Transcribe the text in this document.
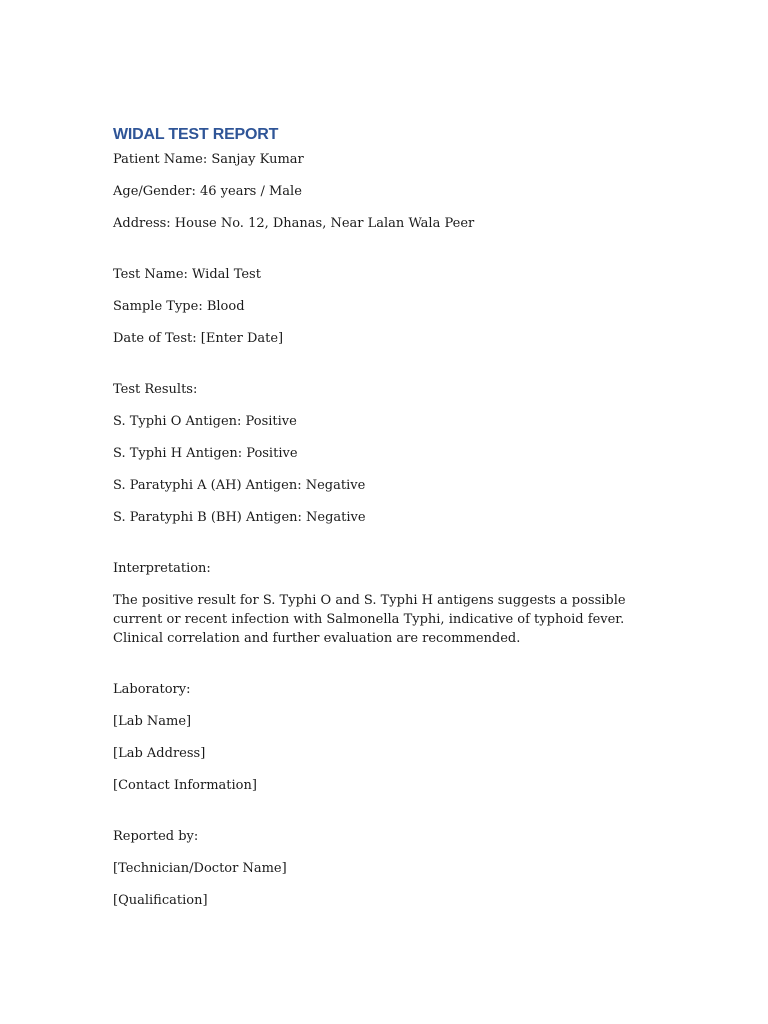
WIDAL TEST REPORT
Patient Name: Sanjay Kumar
Age/Gender: 46 years / Male
Address: House No. 12, Dhanas, Near Lalan Wala Peer
Test Name: Widal Test
Sample Type: Blood
Date of Test: [Enter Date]
Test Results:
S. Typhi O Antigen: Positive
S. Typhi H Antigen: Positive
S. Paratyphi A (AH) Antigen: Negative
S. Paratyphi B (BH) Antigen: Negative
Interpretation:
The positive result for S. Typhi O and S. Typhi H antigens suggests a possible current or recent infection with Salmonella Typhi, indicative of typhoid fever. Clinical correlation and further evaluation are recommended.
Laboratory:
[Lab Name]
[Lab Address]
[Contact Information]
Reported by:
[Technician/Doctor Name]
[Qualification]
